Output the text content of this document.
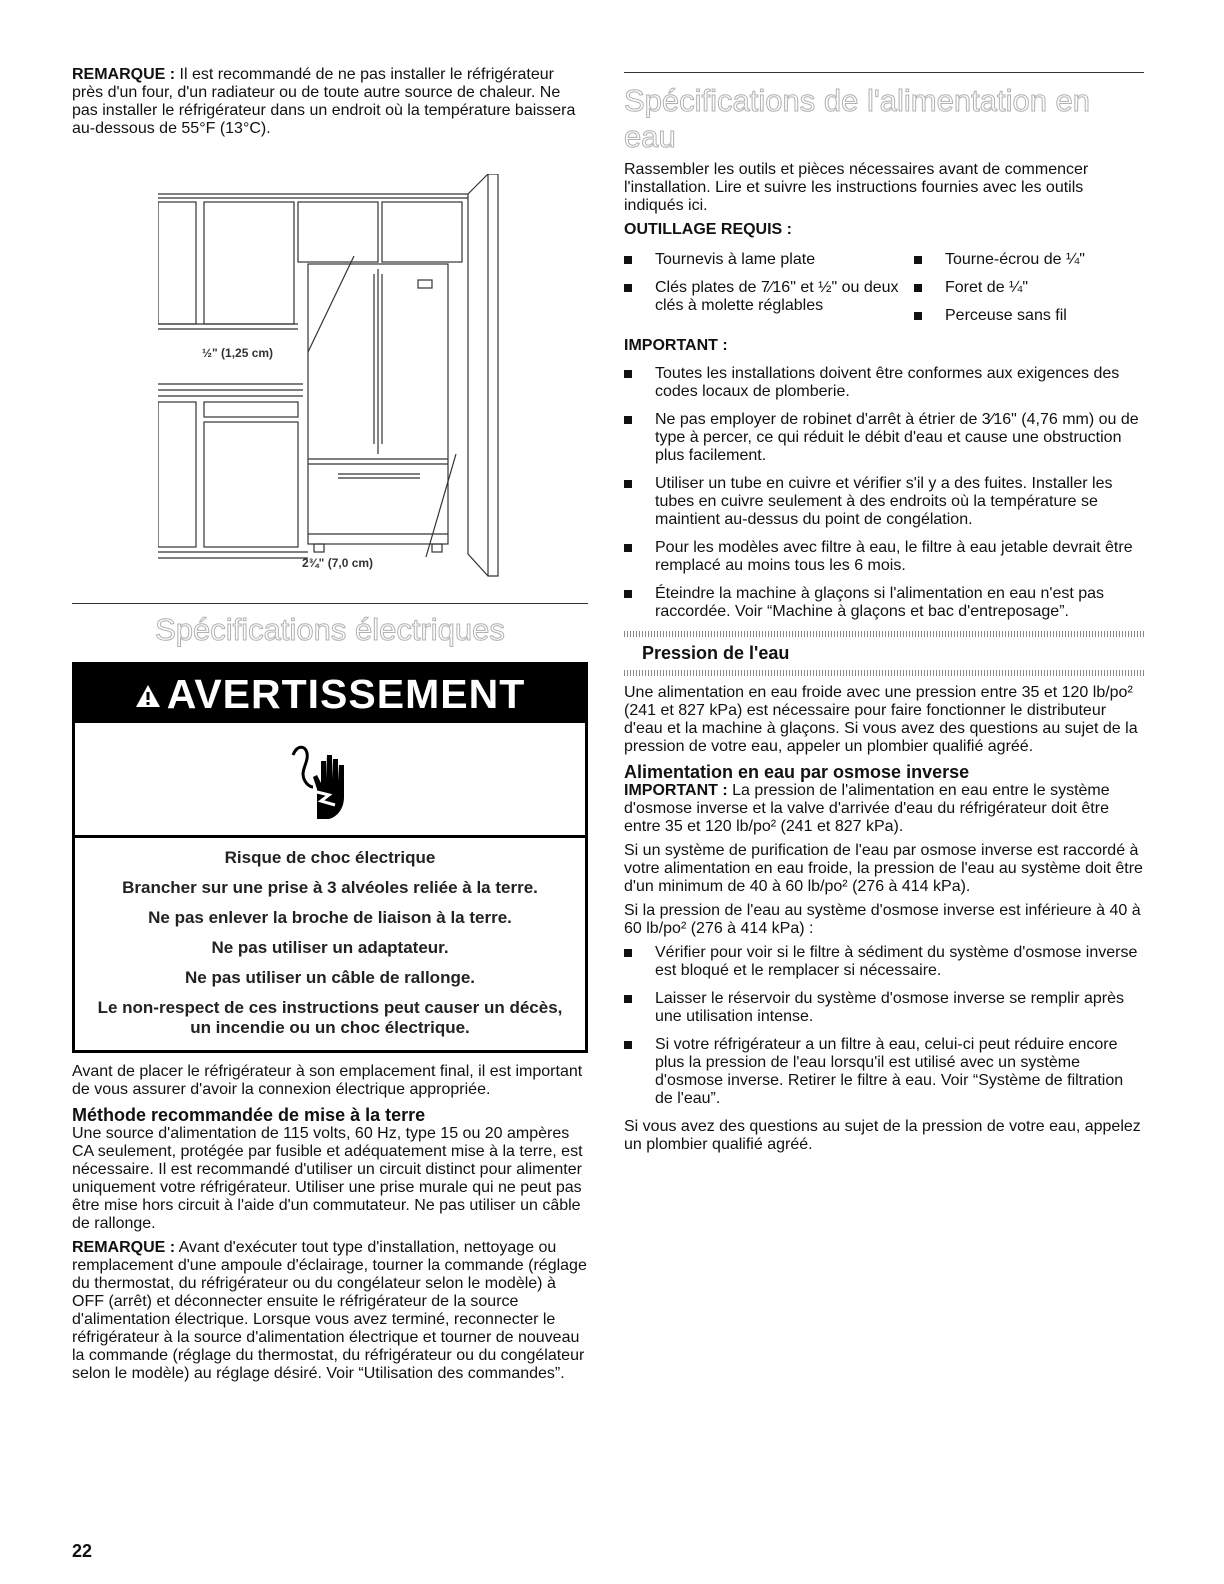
REMARQUE : Il est recommandé de ne pas installer le réfrigérateur près d'un four, d'un radiateur ou de toute autre source de chaleur. Ne pas installer le réfrigérateur dans un endroit où la température baissera au-dessous de 55°F (13°C).

½" (1,25 cm)
2¾" (7,0 cm)
Spécifications électriques
AVERTISSEMENT

Risque de choc électrique

Brancher sur une prise à 3 alvéoles reliée à la terre.

Ne pas enlever la broche de liaison à la terre.

Ne pas utiliser un adaptateur.

Ne pas utiliser un câble de rallonge.

Le non-respect de ces instructions peut causer un décès, un incendie ou un choc électrique.

Avant de placer le réfrigérateur à son emplacement final, il est important de vous assurer d'avoir la connexion électrique appropriée.

Méthode recommandée de mise à la terre

Une source d'alimentation de 115 volts, 60 Hz, type 15 ou 20 ampères CA seulement, protégée par fusible et adéquatement mise à la terre, est nécessaire. Il est recommandé d'utiliser un circuit distinct pour alimenter uniquement votre réfrigérateur. Utiliser une prise murale qui ne peut pas être mise hors circuit à l'aide d'un commutateur. Ne pas utiliser un câble de rallonge.

REMARQUE : Avant d'exécuter tout type d'installation, nettoyage ou remplacement d'une ampoule d'éclairage, tourner la commande (réglage du thermostat, du réfrigérateur ou du congélateur selon le modèle) à OFF (arrêt) et déconnecter ensuite le réfrigérateur de la source d'alimentation électrique. Lorsque vous avez terminé, reconnecter le réfrigérateur à la source d'alimentation électrique et tourner de nouveau la commande (réglage du thermostat, du réfrigérateur ou du congélateur selon le modèle) au réglage désiré. Voir “Utilisation des commandes”.

Spécifications de l'alimentation en eau

Rassembler les outils et pièces nécessaires avant de commencer l'installation. Lire et suivre les instructions fournies avec les outils indiqués ici.

OUTILLAGE REQUIS :

Tournevis à lame plate
Clés plates de 7⁄16" et ½" ou deux clés à molette réglables
Tourne-écrou de ¼"
Foret de ¼"
Perceuse sans fil

IMPORTANT :

Toutes les installations doivent être conformes aux exigences des codes locaux de plomberie.
Ne pas employer de robinet d'arrêt à étrier de 3⁄16" (4,76 mm) ou de type à percer, ce qui réduit le débit d'eau et cause une obstruction plus facilement.
Utiliser un tube en cuivre et vérifier s'il y a des fuites. Installer les tubes en cuivre seulement à des endroits où la température se maintient au-dessus du point de congélation.
Pour les modèles avec filtre à eau, le filtre à eau jetable devrait être remplacé au moins tous les 6 mois.
Éteindre la machine à glaçons si l'alimentation en eau n'est pas raccordée. Voir “Machine à glaçons et bac d'entreposage”.
Pression de l'eau

Une alimentation en eau froide avec une pression entre 35 et 120 lb/po² (241 et 827 kPa) est nécessaire pour faire fonctionner le distributeur d'eau et la machine à glaçons. Si vous avez des questions au sujet de la pression de votre eau, appeler un plombier qualifié agréé.

Alimentation en eau par osmose inverse

IMPORTANT : La pression de l'alimentation en eau entre le système d'osmose inverse et la valve d'arrivée d'eau du réfrigérateur doit être entre 35 et 120 lb/po² (241 et 827 kPa).

Si un système de purification de l'eau par osmose inverse est raccordé à votre alimentation en eau froide, la pression de l'eau au système doit être d'un minimum de 40 à 60 lb/po² (276 à 414 kPa).

Si la pression de l'eau au système d'osmose inverse est inférieure à 40 à 60 lb/po² (276 à 414 kPa) :

Vérifier pour voir si le filtre à sédiment du système d'osmose inverse est bloqué et le remplacer si nécessaire.
Laisser le réservoir du système d'osmose inverse se remplir après une utilisation intense.
Si votre réfrigérateur a un filtre à eau, celui-ci peut réduire encore plus la pression de l'eau lorsqu'il est utilisé avec un système d'osmose inverse. Retirer le filtre à eau. Voir “Système de filtration de l'eau”.

Si vous avez des questions au sujet de la pression de votre eau, appelez un plombier qualifié agréé.

22
